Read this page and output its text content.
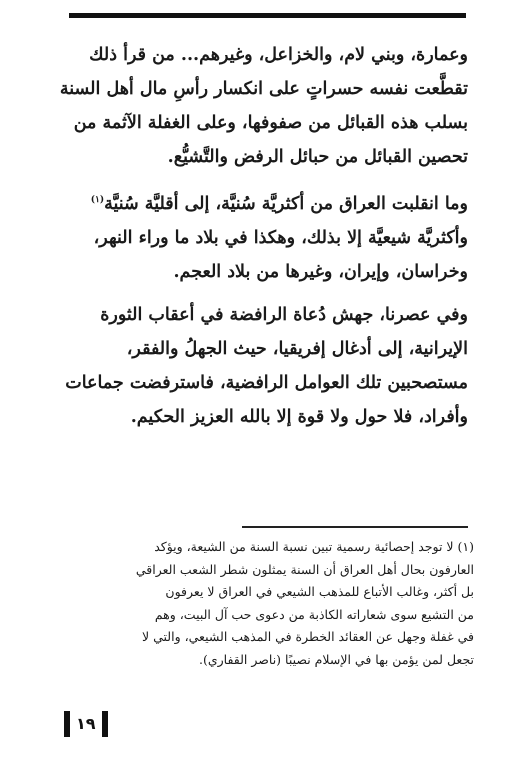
وعمارة، وبني لام، والخزاعل، وغيرهم... من قرأ ذلك
تقطَّعت نفسه حسراتٍ على انكسار رأسِ مال أهل السنة
بسلب هذه القبائل من صفوفها، وعلى الغفلة الآثمة من
تحصين القبائل من حبائل الرفض والتَّشيُّع.

وما انقلبت العراق من أكثريَّة سُنيَّة، إلى أقليَّة سُنيَّة$^{(١)}$
وأكثريَّة شيعيَّة إلا بذلك، وهكذا في بلاد ما وراء النهر،
وخراسان، وإيران، وغيرها من بلاد العجم.

وفي عصرنا، جهش دُعاة الرافضة في أعقاب الثورة
الإيرانية، إلى أدغال إفريقيا، حيث الجهلُ والفقر،
مستصحبين تلك العوامل الرافضية، فاسترفضت جماعات
وأفراد، فلا حول ولا قوة إلا بالله العزيز الحكيم.

(١) لا توجد إحصائية رسمية تبين نسبة السنة من الشيعة، ويؤكد
العارفون بحال أهل العراق أن السنة يمثلون شطر الشعب العراقي
بل أكثر، وغالب الأتباع للمذهب الشيعي في العراق لا يعرفون
من التشيع سوى شعاراته الكاذبة من دعوى حب آل البيت، وهم
في غفلة وجهل عن العقائد الخطرة في المذهب الشيعي، والتي لا
تجعل لمن يؤمن بها في الإسلام نصيبًا (ناصر القفاري).
١٩
